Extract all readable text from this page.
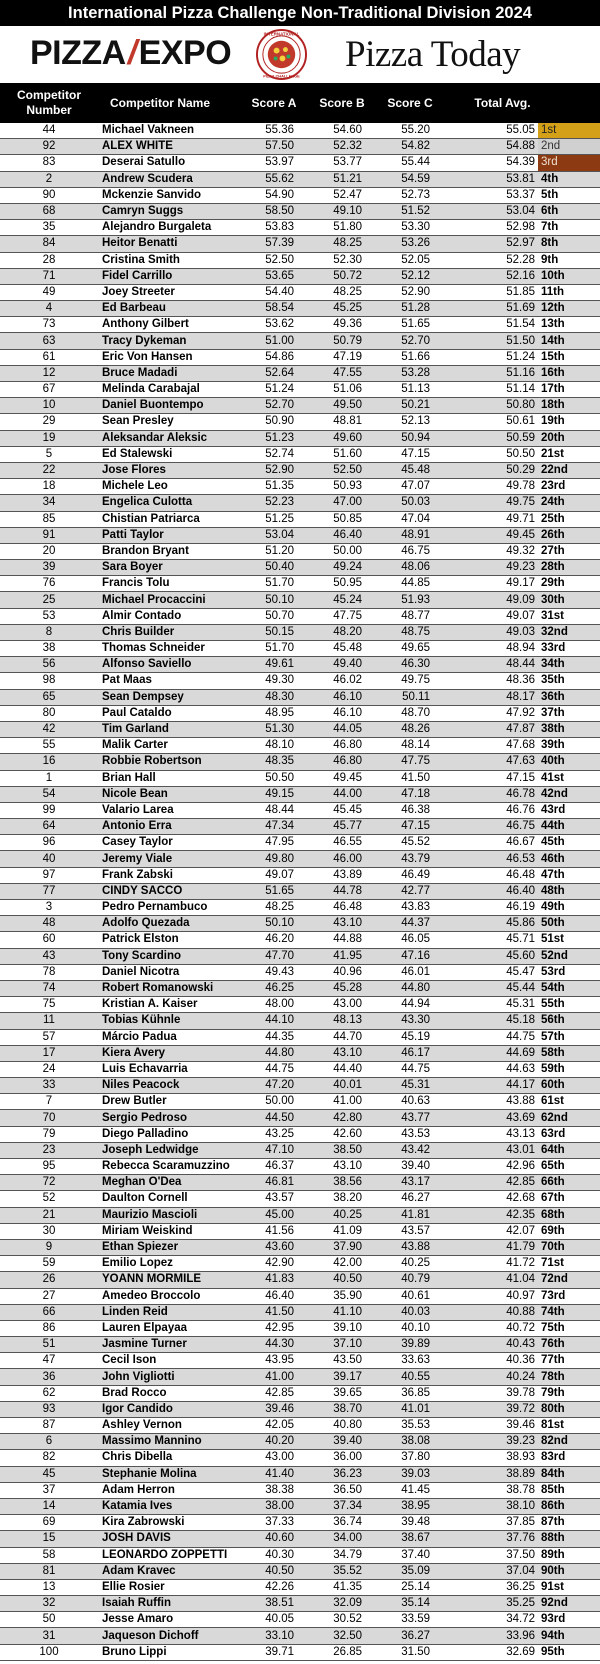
International Pizza Challenge Non-Traditional Division 2024
PIZZA/EXPO
INTERNATIONAL
PIZZA CHALLENGE
Pizza Today
Competitor Number
Competitor Name	Score A	Score B	Score C	Total Avg.
44	Michael Vakneen	55.36	54.60	55.20	55.05	1st
92	ALEX WHITE	57.50	52.32	54.82	54.88	2nd
83	Deserai Satullo	53.97	53.77	55.44	54.39	3rd
2	Andrew Scudera	55.62	51.21	54.59	53.81	4th
90	Mckenzie Sanvido	54.90	52.47	52.73	53.37	5th
68	Camryn Suggs	58.50	49.10	51.52	53.04	6th
35	Alejandro Burgaleta	53.83	51.80	53.30	52.98	7th
84	Heitor Benatti	57.39	48.25	53.26	52.97	8th
28	Cristina Smith	52.50	52.30	52.05	52.28	9th
71	Fidel Carrillo	53.65	50.72	52.12	52.16	10th
49	Joey Streeter	54.40	48.25	52.90	51.85	11th
4	Ed Barbeau	58.54	45.25	51.28	51.69	12th
73	Anthony Gilbert	53.62	49.36	51.65	51.54	13th
63	Tracy Dykeman	51.00	50.79	52.70	51.50	14th
61	Eric Von Hansen	54.86	47.19	51.66	51.24	15th
12	Bruce Madadi	52.64	47.55	53.28	51.16	16th
67	Melinda Carabajal	51.24	51.06	51.13	51.14	17th
10	Daniel Buontempo	52.70	49.50	50.21	50.80	18th
29	Sean Presley	50.90	48.81	52.13	50.61	19th
19	Aleksandar Aleksic	51.23	49.60	50.94	50.59	20th
5	Ed Stalewski	52.74	51.60	47.15	50.50	21st
22	Jose Flores	52.90	52.50	45.48	50.29	22nd
18	Michele Leo	51.35	50.93	47.07	49.78	23rd
34	Engelica Culotta	52.23	47.00	50.03	49.75	24th
85	Chistian Patriarca	51.25	50.85	47.04	49.71	25th
91	Patti Taylor	53.04	46.40	48.91	49.45	26th
20	Brandon Bryant	51.20	50.00	46.75	49.32	27th
39	Sara Boyer	50.40	49.24	48.06	49.23	28th
76	Francis Tolu	51.70	50.95	44.85	49.17	29th
25	Michael Procaccini	50.10	45.24	51.93	49.09	30th
53	Almir Contado	50.70	47.75	48.77	49.07	31st
8	Chris Builder	50.15	48.20	48.75	49.03	32nd
38	Thomas Schneider	51.70	45.48	49.65	48.94	33rd
56	Alfonso Saviello	49.61	49.40	46.30	48.44	34th
98	Pat Maas	49.30	46.02	49.75	48.36	35th
65	Sean Dempsey	48.30	46.10	50.11	48.17	36th
80	Paul Cataldo	48.95	46.10	48.70	47.92	37th
42	Tim Garland	51.30	44.05	48.26	47.87	38th
55	Malik Carter	48.10	46.80	48.14	47.68	39th
16	Robbie Robertson	48.35	46.80	47.75	47.63	40th
1	Brian Hall	50.50	49.45	41.50	47.15	41st
54	Nicole Bean	49.15	44.00	47.18	46.78	42nd
99	Valario Larea	48.44	45.45	46.38	46.76	43rd
64	Antonio Erra	47.34	45.77	47.15	46.75	44th
96	Casey Taylor	47.95	46.55	45.52	46.67	45th
40	Jeremy Viale	49.80	46.00	43.79	46.53	46th
97	Frank Zabski	49.07	43.89	46.49	46.48	47th
77	CINDY SACCO	51.65	44.78	42.77	46.40	48th
3	Pedro Pernambuco	48.25	46.48	43.83	46.19	49th
48	Adolfo Quezada	50.10	43.10	44.37	45.86	50th
60	Patrick Elston	46.20	44.88	46.05	45.71	51st
43	Tony Scardino	47.70	41.95	47.16	45.60	52nd
78	Daniel Nicotra	49.43	40.96	46.01	45.47	53rd
74	Robert Romanowski	46.25	45.28	44.80	45.44	54th
75	Kristian A. Kaiser	48.00	43.00	44.94	45.31	55th
11	Tobias Kühnle	44.10	48.13	43.30	45.18	56th
57	Márcio Padua	44.35	44.70	45.19	44.75	57th
17	Kiera Avery	44.80	43.10	46.17	44.69	58th
24	Luis Echavarria	44.75	44.40	44.75	44.63	59th
33	Niles Peacock	47.20	40.01	45.31	44.17	60th
7	Drew Butler	50.00	41.00	40.63	43.88	61st
70	Sergio Pedroso	44.50	42.80	43.77	43.69	62nd
79	Diego Palladino	43.25	42.60	43.53	43.13	63rd
23	Joseph Ledwidge	47.10	38.50	43.42	43.01	64th
95	Rebecca Scaramuzzino	46.37	43.10	39.40	42.96	65th
72	Meghan O'Dea	46.81	38.56	43.17	42.85	66th
52	Daulton Cornell	43.57	38.20	46.27	42.68	67th
21	Maurizio Mascioli	45.00	40.25	41.81	42.35	68th
30	Miriam Weiskind	41.56	41.09	43.57	42.07	69th
9	Ethan Spiezer	43.60	37.90	43.88	41.79	70th
59	Emilio Lopez	42.90	42.00	40.25	41.72	71st
26	YOANN MORMILE	41.83	40.50	40.79	41.04	72nd
27	Amedeo Broccolo	46.40	35.90	40.61	40.97	73rd
66	Linden Reid	41.50	41.10	40.03	40.88	74th
86	Lauren Elpayaa	42.95	39.10	40.10	40.72	75th
51	Jasmine Turner	44.30	37.10	39.89	40.43	76th
47	Cecil Ison	43.95	43.50	33.63	40.36	77th
36	John Vigliotti	41.00	39.17	40.55	40.24	78th
62	Brad Rocco	42.85	39.65	36.85	39.78	79th
93	Igor Candido	39.46	38.70	41.01	39.72	80th
87	Ashley Vernon	42.05	40.80	35.53	39.46	81st
6	Massimo Mannino	40.20	39.40	38.08	39.23	82nd
82	Chris Dibella	43.00	36.00	37.80	38.93	83rd
45	Stephanie Molina	41.40	36.23	39.03	38.89	84th
37	Adam Herron	38.38	36.50	41.45	38.78	85th
14	Katamia Ives	38.00	37.34	38.95	38.10	86th
69	Kira Zabrowski	37.33	36.74	39.48	37.85	87th
15	JOSH DAVIS	40.60	34.00	38.67	37.76	88th
58	LEONARDO ZOPPETTI	40.30	34.79	37.40	37.50	89th
81	Adam Kravec	40.50	35.52	35.09	37.04	90th
13	Ellie Rosier	42.26	41.35	25.14	36.25	91st
32	Isaiah Ruffin	38.51	32.09	35.14	35.25	92nd
50	Jesse Amaro	40.05	30.52	33.59	34.72	93rd
31	Jaqueson Dichoff	33.10	32.50	36.27	33.96	94th
100	Bruno Lippi	39.71	26.85	31.50	32.69	95th
